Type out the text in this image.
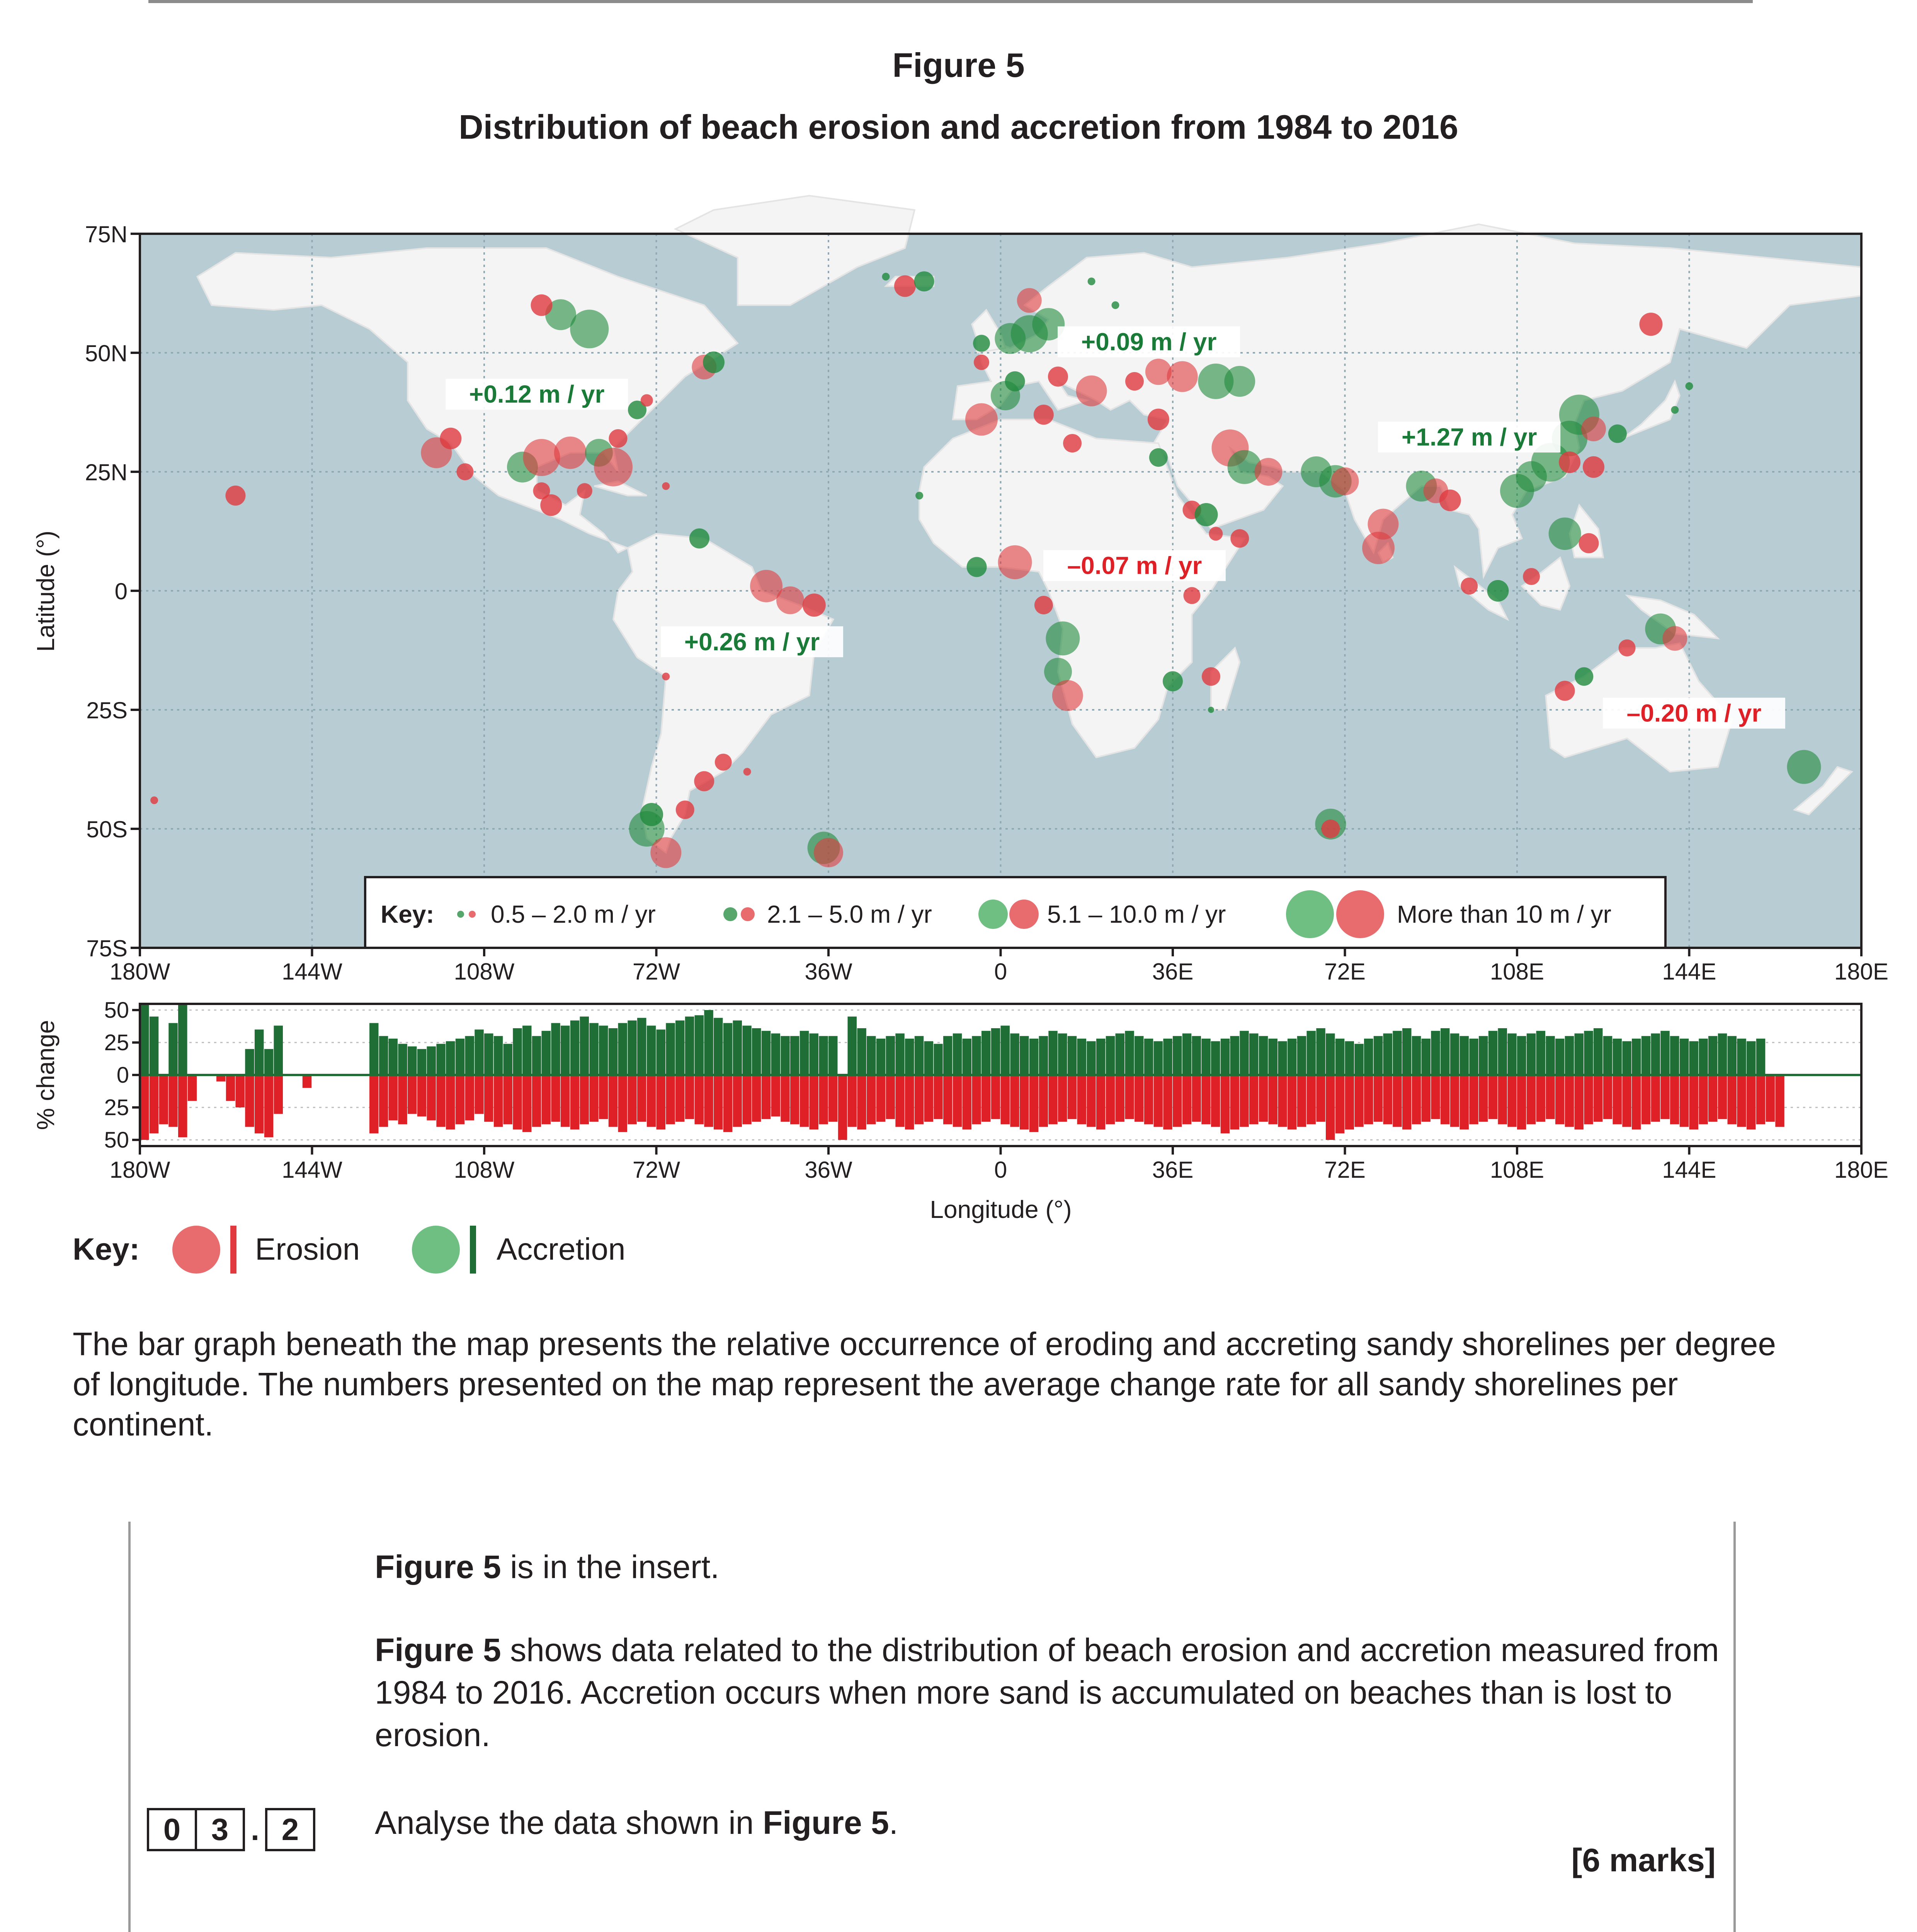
Figure 5
Distribution of beach erosion and accretion from 1984 to 2016
+0.12 m / yr
+0.09 m / yr
+1.27 m / yr
+0.26 m / yr
–0.07 m / yr
–0.20 m / yr
Key: 0.5 – 2.0 m / yr	2.1 – 5.0 m / yr	5.1 – 10.0 m / yr	More than 10 m / yr
75N
50N
25N
0
25S
50S
75S
Latitude (°)
180W	144W	108W	72W	36W	0	36E	72E	108E	144E	180E
50
25
0
25
50
% change
180W	144W	108W	72W	36W	0	36E	72E	108E	144E	180E
Longitude (°)
Key:	Erosion	Accretion
The bar graph beneath the map presents the relative occurrence of eroding and accreting sandy shorelines per degree of longitude. The numbers presented on the map represent the average change rate for all sandy shorelines per continent.
Figure 5 is in the insert.
Figure 5 shows data related to the distribution of beach erosion and accretion measured from 1984 to 2016. Accretion occurs when more sand is accumulated on beaches than is lost to erosion.
0 3 . 2	Analyse the data shown in Figure 5.
[6 marks]
